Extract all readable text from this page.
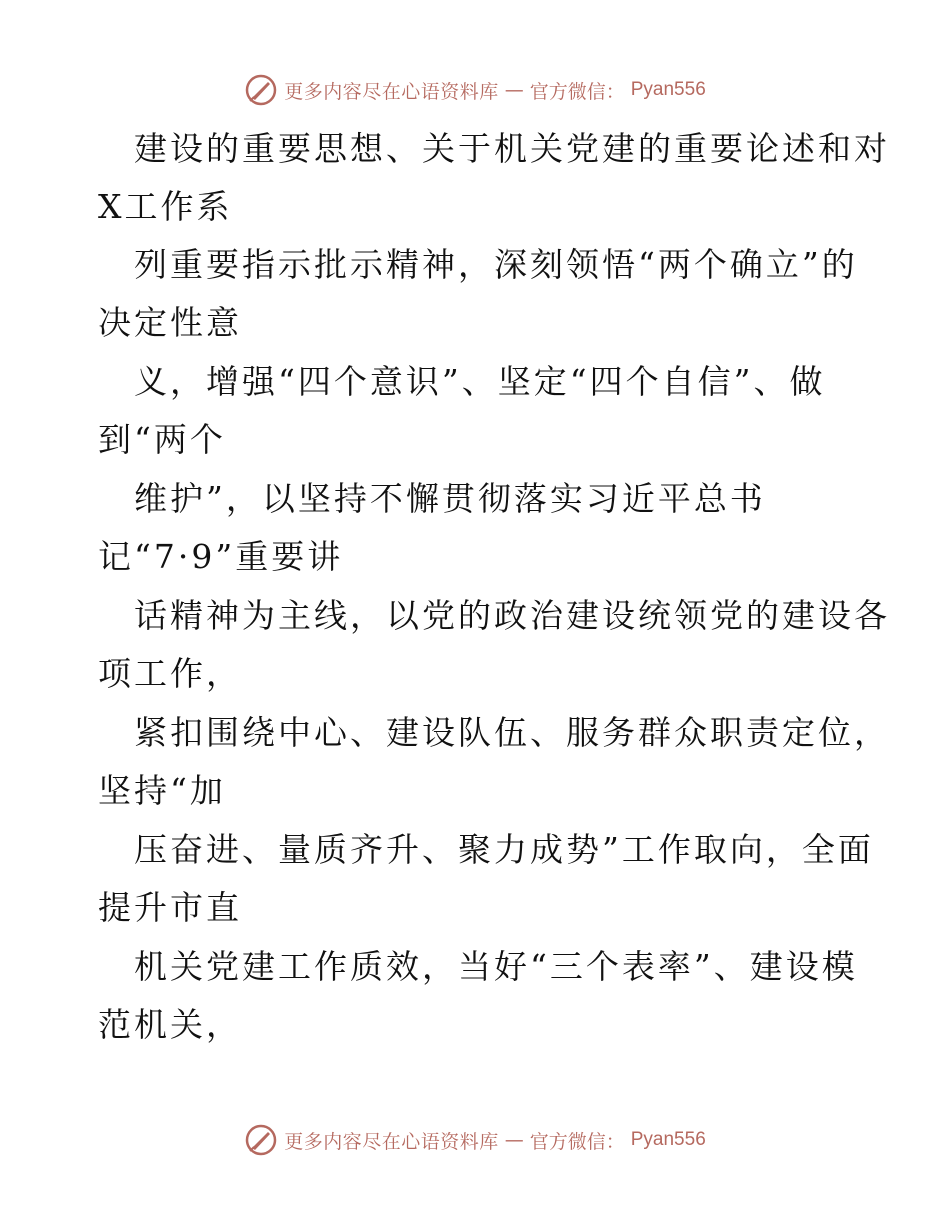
更多内容尽在心语资料库 — 官方微信： Pyan556
建设的重要思想、关于机关党建的重要论述和对
X工作系
列重要指示批示精神，深刻领悟“两个确立”的
决定性意
义，增强“四个意识”、坚定“四个自信”、做
到“两个
维护”，以坚持不懈贯彻落实习近平总书
记“7·9”重要讲
话精神为主线，以党的政治建设统领党的建设各
项工作，
紧扣围绕中心、建设队伍、服务群众职责定位，
坚持“加
压奋进、量质齐升、聚力成势”工作取向，全面
提升市直
机关党建工作质效，当好“三个表率”、建设模
范机关，
更多内容尽在心语资料库 — 官方微信： Pyan556
